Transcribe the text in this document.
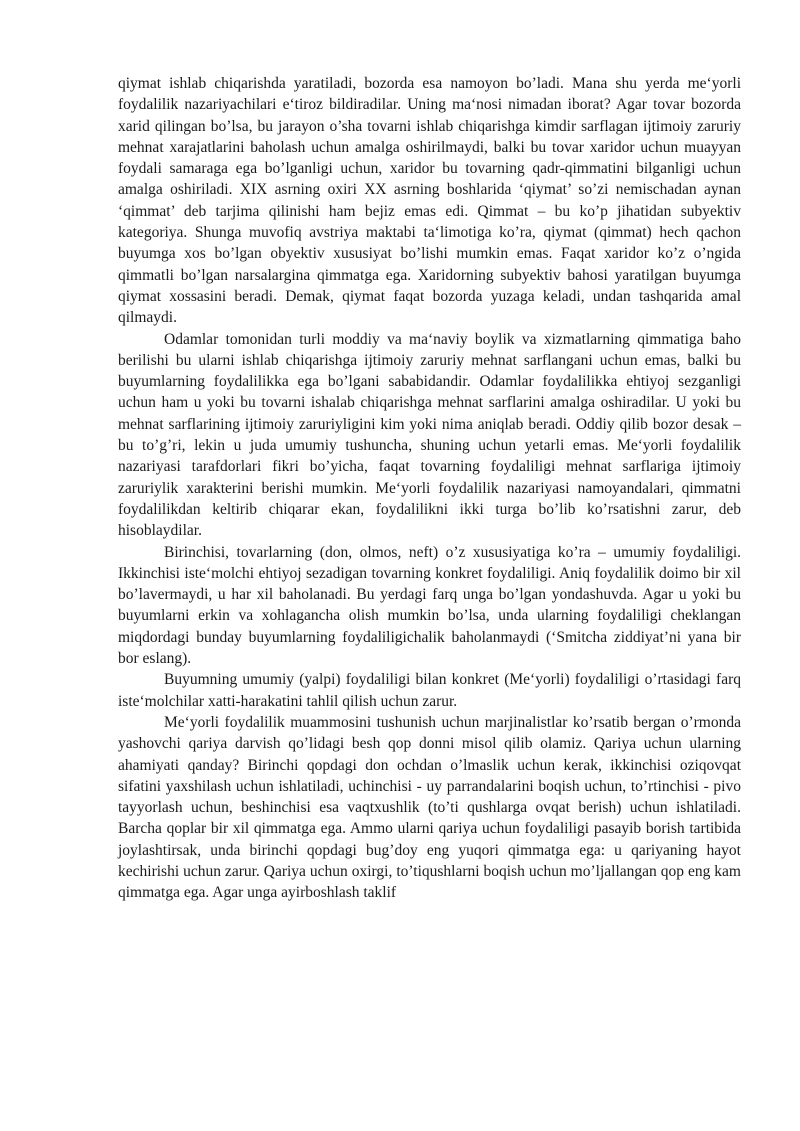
qiymat ishlab chiqarishda yaratiladi, bozorda esa namoyon bo’ladi. Mana shu yerda me‘yorli foydalilik nazariyachilari e‘tiroz bildiradilar. Uning ma‘nosi nimadan iborat? Agar tovar bozorda xarid qilingan bo’lsa, bu jarayon o’sha tovarni ishlab chiqarishga kimdir sarflagan ijtimoiy zaruriy mehnat xarajatlarini baholash uchun amalga oshirilmaydi, balki bu tovar xaridor uchun muayyan foydali samaraga ega bo’lganligi uchun, xaridor bu tovarning qadr-qimmatini bilganligi uchun amalga oshiriladi. XIX asrning oxiri XX asrning boshlarida ‘qiymat’ so’zi nemischadan aynan ‘qimmat’ deb tarjima qilinishi ham bejiz emas edi. Qimmat – bu ko’p jihatidan subyektiv kategoriya. Shunga muvofiq avstriya maktabi ta‘limotiga ko’ra, qiymat (qimmat) hech qachon buyumga xos bo’lgan obyektiv xususiyat bo’lishi mumkin emas. Faqat xaridor ko’z o’ngida qimmatli bo’lgan narsalargina qimmatga ega. Xaridorning subyektiv bahosi yaratilgan buyumga qiymat xossasini beradi. Demak, qiymat faqat bozorda yuzaga keladi, undan tashqarida amal qilmaydi.

Odamlar tomonidan turli moddiy va ma‘naviy boylik va xizmatlarning qimmatiga baho berilishi bu ularni ishlab chiqarishga ijtimoiy zaruriy mehnat sarflangani uchun emas, balki bu buyumlarning foydalilikka ega bo’lgani sababidandir. Odamlar foydalilikka ehtiyoj sezganligi uchun ham u yoki bu tovarni ishalab chiqarishga mehnat sarflarini amalga oshiradilar. U yoki bu mehnat sarflarining ijtimoiy zaruriyligini kim yoki nima aniqlab beradi. Oddiy qilib bozor desak – bu to’g’ri, lekin u juda umumiy tushuncha, shuning uchun yetarli emas. Me‘yorli foydalilik nazariyasi tarafdorlari fikri bo’yicha, faqat tovarning foydaliligi mehnat sarflariga ijtimoiy zaruriylik xarakterini berishi mumkin. Me‘yorli foydalilik nazariyasi namoyandalari, qimmatni foydalilikdan keltirib chiqarar ekan, foydalilikni ikki turga bo’lib ko’rsatishni zarur, deb hisoblaydilar.

Birinchisi, tovarlarning (don, olmos, neft) o’z xususiyatiga ko’ra – umumiy foydaliligi. Ikkinchisi iste‘molchi ehtiyoj sezadigan tovarning konkret foydaliligi. Aniq foydalilik doimo bir xil bo’lavermaydi, u har xil baholanadi. Bu yerdagi farq unga bo’lgan yondashuvda. Agar u yoki bu buyumlarni erkin va xohlagancha olish mumkin bo’lsa, unda ularning foydaliligi cheklangan miqdordagi bunday buyumlarning foydaliligichalik baholanmaydi (‘Smitcha ziddiyat’ni yana bir bor eslang).

Buyumning umumiy (yalpi) foydaliligi bilan konkret (Me‘yorli) foydaliligi o’rtasidagi farq iste‘molchilar xatti-harakatini tahlil qilish uchun zarur.

Me‘yorli foydalilik muammosini tushunish uchun marjinalistlar ko’rsatib bergan o’rmonda yashovchi qariya darvish qo’lidagi besh qop donni misol qilib olamiz. Qariya uchun ularning ahamiyati qanday? Birinchi qopdagi don ochdan o’lmaslik uchun kerak, ikkinchisi oziqovqat sifatini yaxshilash uchun ishlatiladi, uchinchisi - uy parrandalarini boqish uchun, to’rtinchisi - pivo tayyorlash uchun, beshinchisi esa vaqtxushlik (to’ti qushlarga ovqat berish) uchun ishlatiladi. Barcha qoplar bir xil qimmatga ega. Ammo ularni qariya uchun foydaliligi pasayib borish tartibida joylashtirsak, unda birinchi qopdagi bug’doy eng yuqori qimmatga ega: u qariyaning hayot kechirishi uchun zarur. Qariya uchun oxirgi, to’tiqushlarni boqish uchun mo’ljallangan qop eng kam qimmatga ega. Agar unga ayirboshlash taklif
